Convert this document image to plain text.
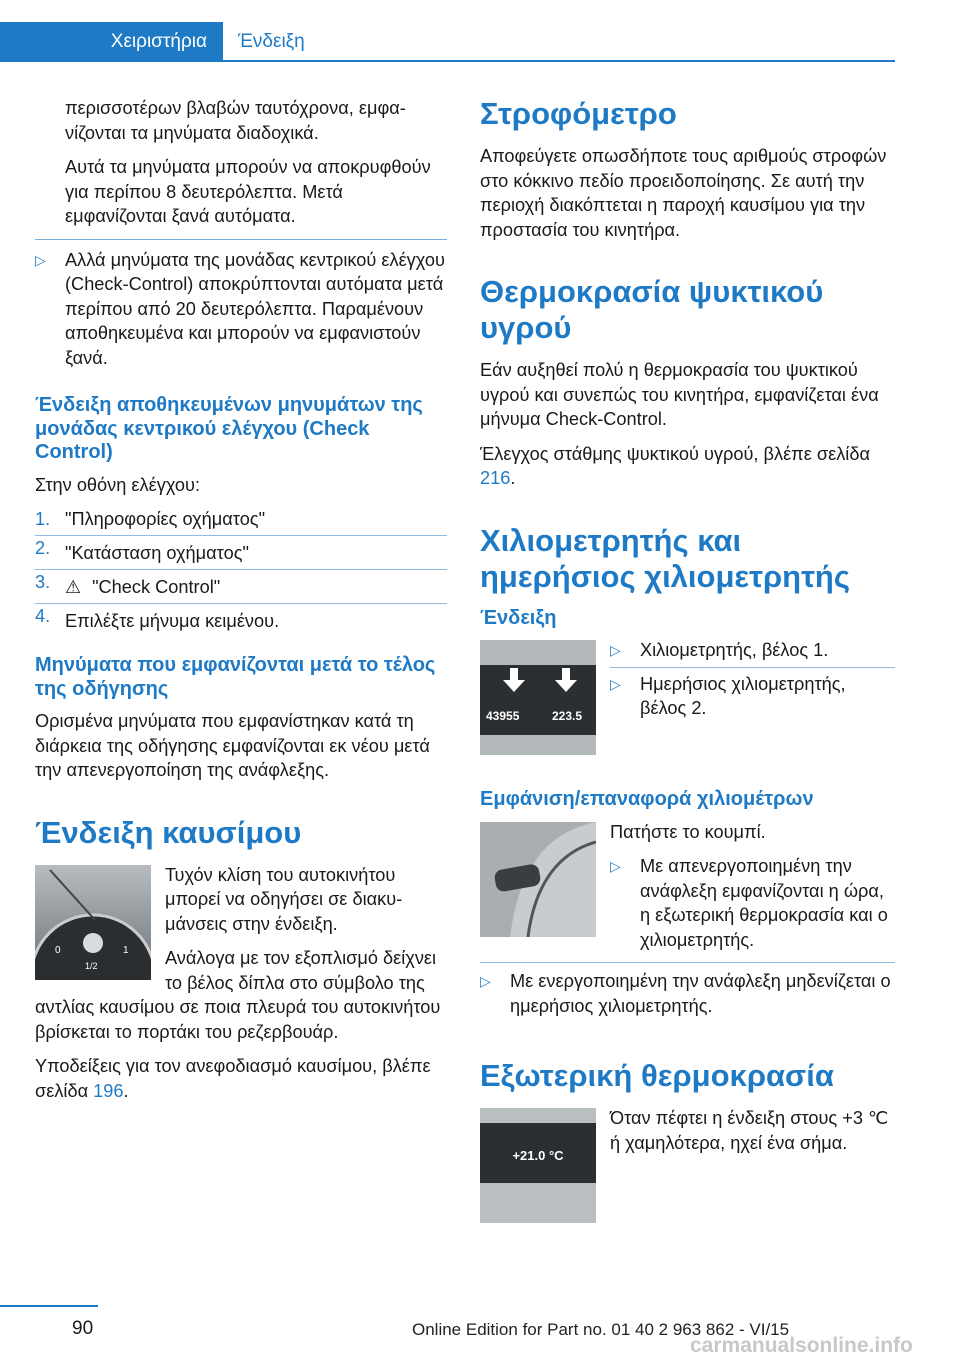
Χειριστήρια	Ένδειξη

περισσοτέρων βλαβών ταυτόχρονα, εμφανίζονται τα μηνύματα διαδοχικά.

Αυτά τα μηνύματα μπορούν να αποκρυφθούν για περίπου 8 δευτερόλεπτα. Μετά εμφανίζονται ξανά αυτόματα.

▷ Αλλά μηνύματα της μονάδας κεντρικού ελέγχου (Check-Control) αποκρύπτονται αυτόματα μετά περίπου από 20 δευτερόλεπτα. Παραμένουν αποθηκευμένα και μπορούν να εμφανιστούν ξανά.
Ένδειξη αποθηκευμένων μηνυμάτων της μονάδας κεντρικού ελέγχου (Check Control)

Στην οθόνη ελέγχου:

1. "Πληροφορίες οχήματος"
2. "Κατάσταση οχήματος"
3. ⚠ "Check Control"
4. Επιλέξτε μήνυμα κειμένου.
Μηνύματα που εμφανίζονται μετά το τέλος της οδήγησης

Ορισμένα μηνύματα που εμφανίστηκαν κατά τη διάρκεια της οδήγησης εμφανίζονται εκ νέου μετά την απενεργοποίηση της ανάφλεξης.

Ένδειξη καυσίμου
0	1
1/2

Τυχόν κλίση του αυτοκινήτου μπορεί να οδηγήσει σε διακυμάνσεις στην ένδειξη.

Ανάλογα με τον εξοπλισμό δείχνει το βέλος δίπλα στο σύμβολο της αντλίας καυσίμου σε ποια πλευρά του αυτοκινήτου βρίσκεται το πορτάκι του ρεζερβουάρ.

Υποδείξεις για τον ανεφοδιασμό καυσίμου, βλέπε σελίδα 196.

Στροφόμετρο

Αποφεύγετε οπωσδήποτε τους αριθμούς στροφών στο κόκκινο πεδίο προειδοποίησης. Σε αυτή την περιοχή διακόπτεται η παροχή καυσίμου για την προστασία του κινητήρα.

Θερμοκρασία ψυκτικού υγρού

Εάν αυξηθεί πολύ η θερμοκρασία του ψυκτικού υγρού και συνεπώς του κινητήρα, εμφανίζεται ένα μήνυμα Check-Control.

Έλεγχος στάθμης ψυκτικού υγρού, βλέπε σελίδα 216.

Χιλιομετρητής και ημερήσιος χιλιομετρητής
Ένδειξη
43955	223.5
▷ Χιλιομετρητής, βέλος 1.
▷ Ημερήσιος χιλιομετρητής, βέλος 2.
Εμφάνιση/επαναφορά χιλιομέτρων

Πατήστε το κουμπί.

▷ Με απενεργοποιημένη την ανάφλεξη εμφανίζονται η ώρα, η εξωτερική θερμοκρασία και ο χιλιομετρητής.
▷ Με ενεργοποιημένη την ανάφλεξη μηδενίζεται ο ημερήσιος χιλιομετρητής.
Εξωτερική θερμοκρασία
+21.0 °C

Όταν πέφτει η ένδειξη στους +3 ℃ ή χαμηλότερα, ηχεί ένα σήμα.

90	Online Edition for Part no. 01 40 2 963 862 - VI/15
carmanualsonline.info
